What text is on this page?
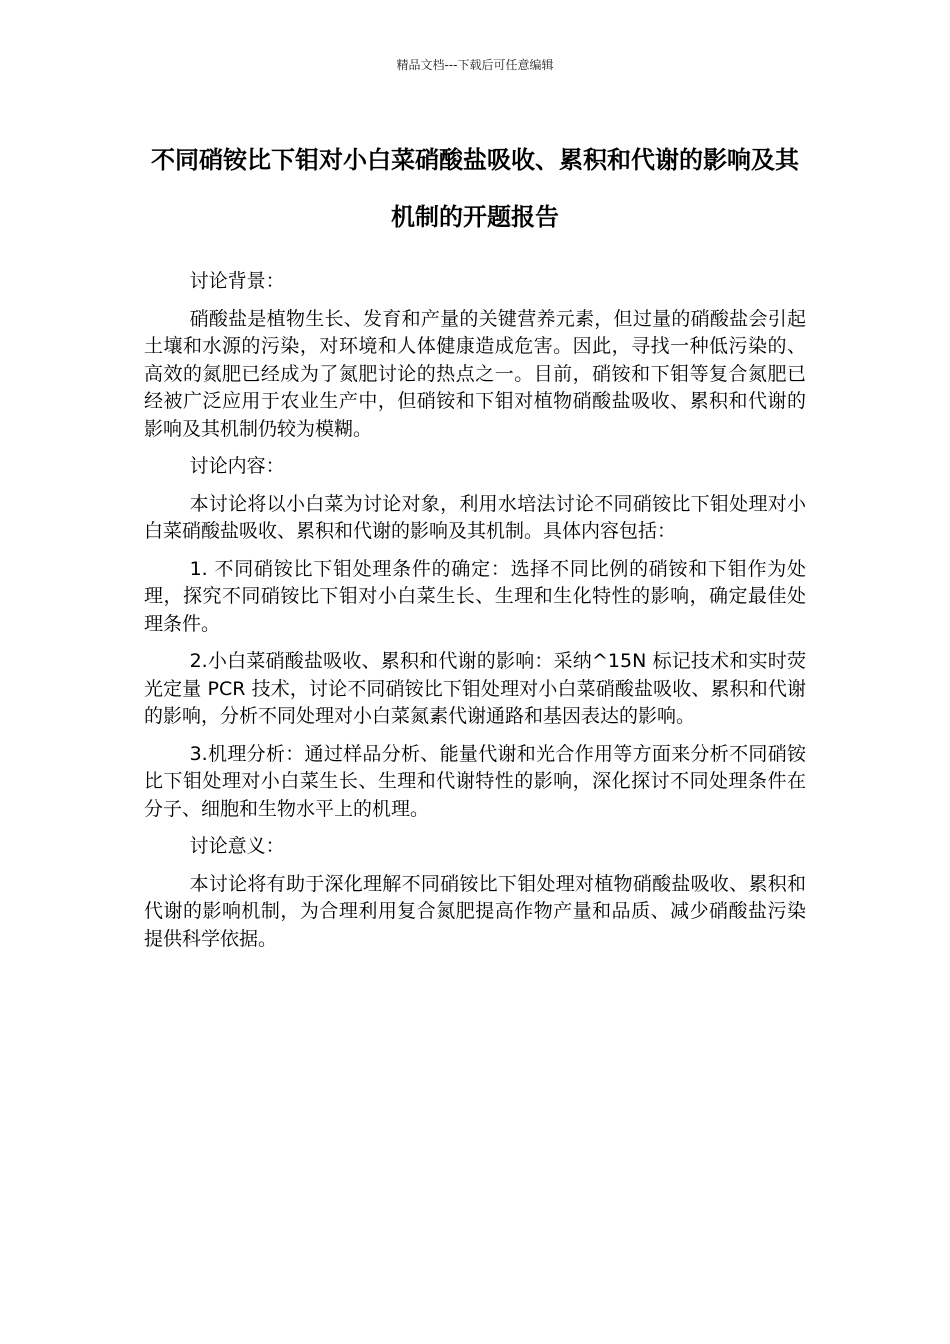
精品文档---下载后可任意编辑
不同硝铵比下钼对小白菜硝酸盐吸收、累积和代谢的影响及其机制的开题报告

讨论背景：

硝酸盐是植物生长、发育和产量的关键营养元素，但过量的硝酸盐会引起土壤和水源的污染，对环境和人体健康造成危害。因此，寻找一种低污染的、高效的氮肥已经成为了氮肥讨论的热点之一。目前，硝铵和下钼等复合氮肥已经被广泛应用于农业生产中，但硝铵和下钼对植物硝酸盐吸收、累积和代谢的影响及其机制仍较为模糊。

讨论内容：

本讨论将以小白菜为讨论对象，利用水培法讨论不同硝铵比下钼处理对小白菜硝酸盐吸收、累积和代谢的影响及其机制。具体内容包括：

1. 不同硝铵比下钼处理条件的确定：选择不同比例的硝铵和下钼作为处理，探究不同硝铵比下钼对小白菜生长、生理和生化特性的影响，确定最佳处理条件。

2.小白菜硝酸盐吸收、累积和代谢的影响：采纳^15N 标记技术和实时荧光定量 PCR 技术，讨论不同硝铵比下钼处理对小白菜硝酸盐吸收、累积和代谢的影响，分析不同处理对小白菜氮素代谢通路和基因表达的影响。

3.机理分析：通过样品分析、能量代谢和光合作用等方面来分析不同硝铵比下钼处理对小白菜生长、生理和代谢特性的影响，深化探讨不同处理条件在分子、细胞和生物水平上的机理。

讨论意义：

本讨论将有助于深化理解不同硝铵比下钼处理对植物硝酸盐吸收、累积和代谢的影响机制，为合理利用复合氮肥提高作物产量和品质、减少硝酸盐污染提供科学依据。
